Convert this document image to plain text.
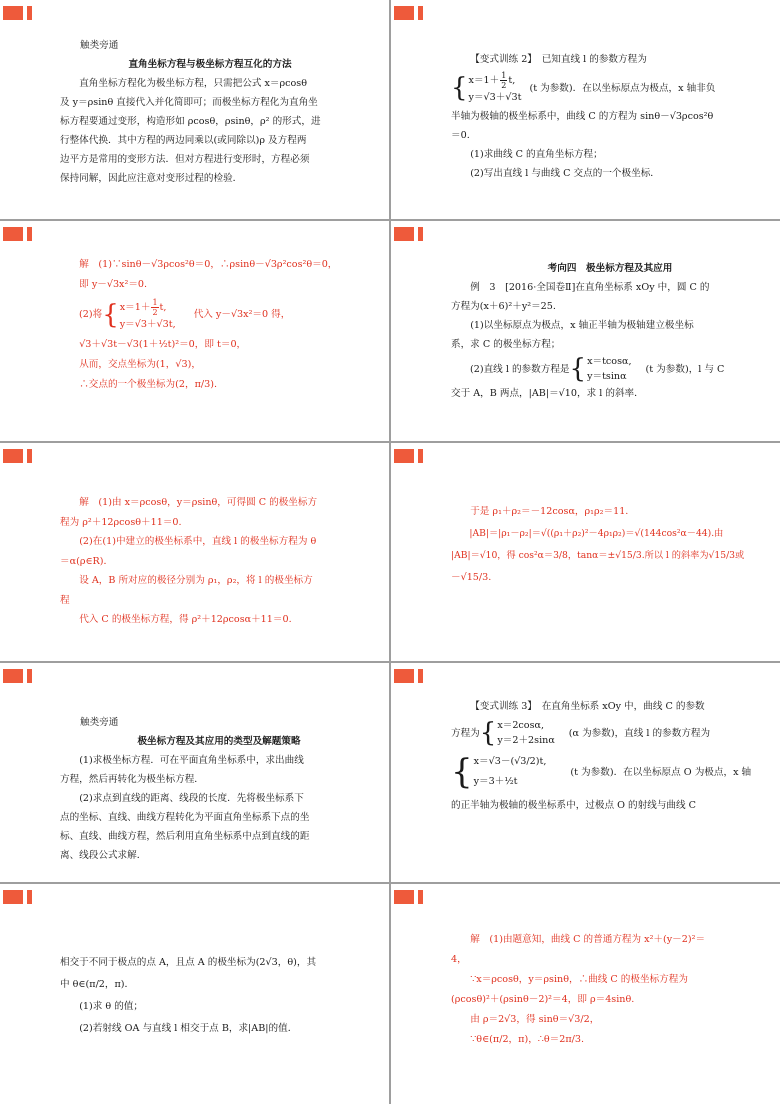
触类旁通
直角坐标方程与极坐标方程互化的方法
直角坐标方程化为极坐标方程，只需把公式 x＝ρcosθ
及 y＝ρsinθ 直接代入并化简即可；而极坐标方程化为直角坐
标方程要通过变形，构造形如 ρcosθ，ρsinθ，ρ² 的形式，进
行整体代换．其中方程的两边同乘以(或同除以)ρ 及方程两
边平方是常用的变形方法．但对方程进行变形时，方程必须
保持同解，因此应注意对变形过程的检验．
【变式训练 2】　已知直线 l 的参数方程为
{ $x=1+ \frac{1}{2} t$,
y＝√3＋√3t
(t 为参数)．在以坐标原点为极点，x 轴非负
半轴为极轴的极坐标系中，曲线 C 的方程为 sinθ－√3ρcos²θ
＝0.
(1)求曲线 C 的直角坐标方程；
(2)写出直线 l 与曲线 C 交点的一个极坐标．
解　(1)∵sinθ－√3ρcos²θ＝0，∴ρsinθ－√3ρ²cos²θ＝0，
即 y－√3x²＝0.
(2)将 { $x=1+ \frac{1}{2} t$,
y＝√3＋√3t,
代入 y－√3x²＝0 得，
√3＋√3t－√3(1＋½t)²＝0，即 t＝0，
从而，交点坐标为(1，√3)，
∴交点的一个极坐标为(2，π/3).
考向四　极坐标方程及其应用
例　3　[2016·全国卷Ⅱ]在直角坐标系 xOy 中，圆 C 的
方程为(x＋6)²＋y²＝25.
(1)以坐标原点为极点，x 轴正半轴为极轴建立极坐标
系，求 C 的极坐标方程；
(2)直线 l 的参数方程是 { x＝tcosα,
y＝tsinα
(t 为参数)，l 与 C
交于 A，B 两点，|AB|＝√10，求 l 的斜率．
解　(1)由 x＝ρcosθ，y＝ρsinθ，可得圆 C 的极坐标方
程为 ρ²＋12ρcosθ＋11＝0.
(2)在(1)中建立的极坐标系中，直线 l 的极坐标方程为 θ
＝α(ρ∈R)．
设 A，B 所对应的极径分别为 ρ₁，ρ₂，将 l 的极坐标方
程
代入 C 的极坐标方程，得 ρ²＋12ρcosα＋11＝0.
于是 ρ₁＋ρ₂＝－12cosα，ρ₁ρ₂＝11.
|AB|＝|ρ₁－ρ₂|＝√((ρ₁＋ρ₂)²－4ρ₁ρ₂)＝√(144cos²α－44).由
|AB|＝√10，得 cos²α＝3/8，tanα＝±√15/3.所以 l 的斜率为√15/3或
－√15/3.
触类旁通
极坐标方程及其应用的类型及解题策略
(1)求极坐标方程．可在平面直角坐标系中，求出曲线
方程，然后再转化为极坐标方程．
(2)求点到直线的距离、线段的长度．先将极坐标系下
点的坐标、直线、曲线方程转化为平面直角坐标系下点的坐
标、直线、曲线方程，然后利用直角坐标系中点到直线的距
离、线段公式求解．
【变式训练 3】　在直角坐标系 xOy 中，曲线 C 的参数
方程为 { x＝2cosα,
y＝2＋2sinα
(α 为参数)，直线 l 的参数方程为
{ x＝√3－(√3/2)t,
y＝3＋½t
(t 为参数)．在以坐标原点 O 为极点，x 轴
的正半轴为极轴的极坐标系中，过极点 O 的射线与曲线 C
相交于不同于极点的点 A，且点 A 的极坐标为(2√3，θ)，其
中 θ∈(π/2，π)．
(1)求 θ 的值；
(2)若射线 OA 与直线 l 相交于点 B，求|AB|的值．
解　(1)由题意知，曲线 C 的普通方程为 x²＋(y－2)²＝
4，
∵x＝ρcosθ，y＝ρsinθ，∴曲线 C 的极坐标方程为
(ρcosθ)²＋(ρsinθ－2)²＝4，即 ρ＝4sinθ.
由 ρ＝2√3，得 sinθ＝√3/2，
∵θ∈(π/2，π)，∴θ＝2π/3.
